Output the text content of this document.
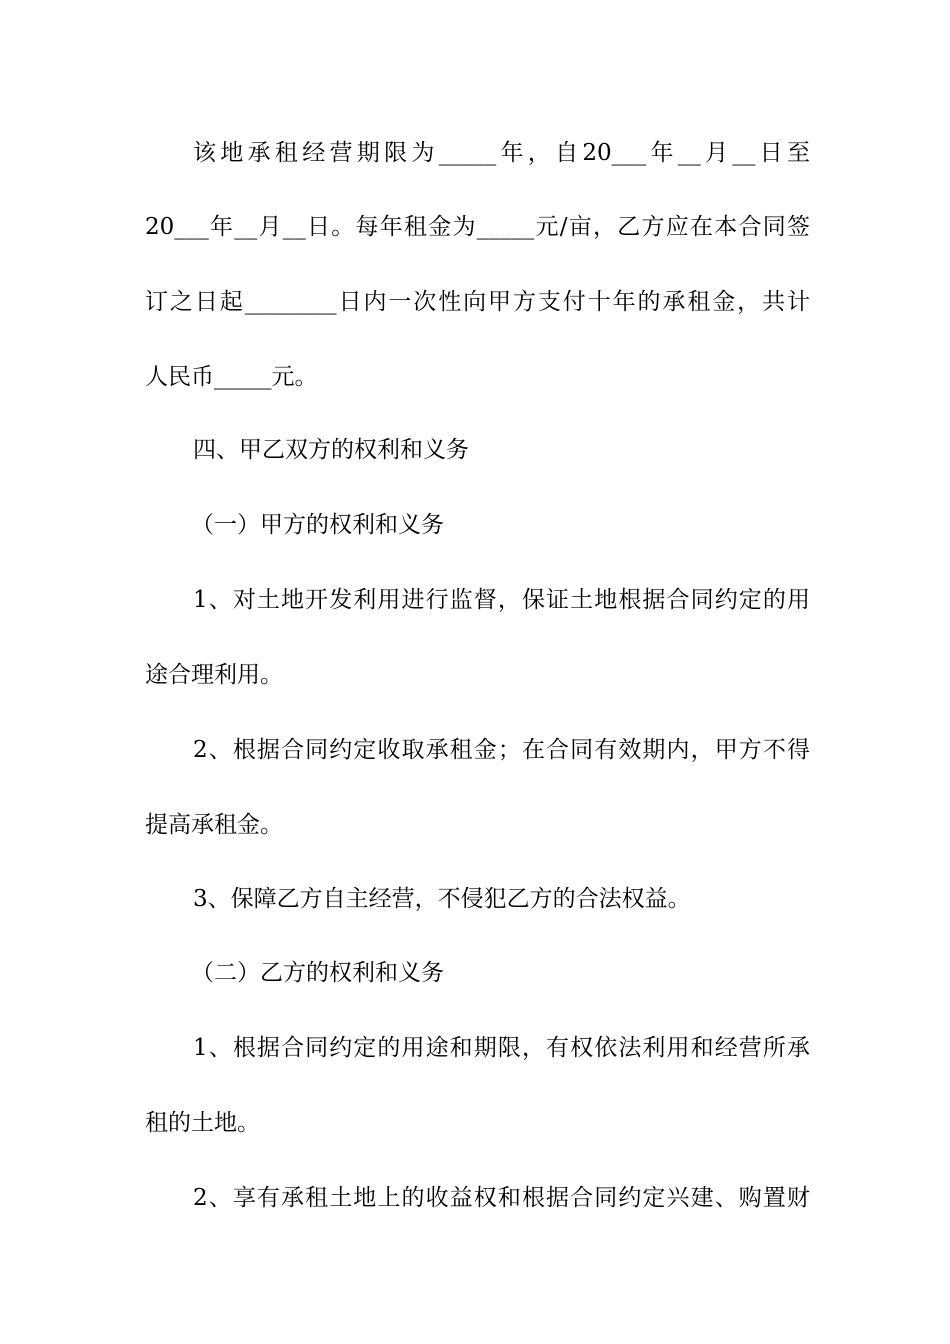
该地承租经营期限为_____年，自20___年__月__日至
20___年__月__日。每年租金为_____元/亩，乙方应在本合同签
订之日起________日内一次性向甲方支付十年的承租金，共计
人民币_____元。
四、甲乙双方的权利和义务
（一）甲方的权利和义务
1、对土地开发利用进行监督，保证土地根据合同约定的用
途合理利用。
2、根据合同约定收取承租金；在合同有效期内，甲方不得
提高承租金。
3、保障乙方自主经营，不侵犯乙方的合法权益。
（二）乙方的权利和义务
1、根据合同约定的用途和期限，有权依法利用和经营所承
租的土地。
2、享有承租土地上的收益权和根据合同约定兴建、购置财
